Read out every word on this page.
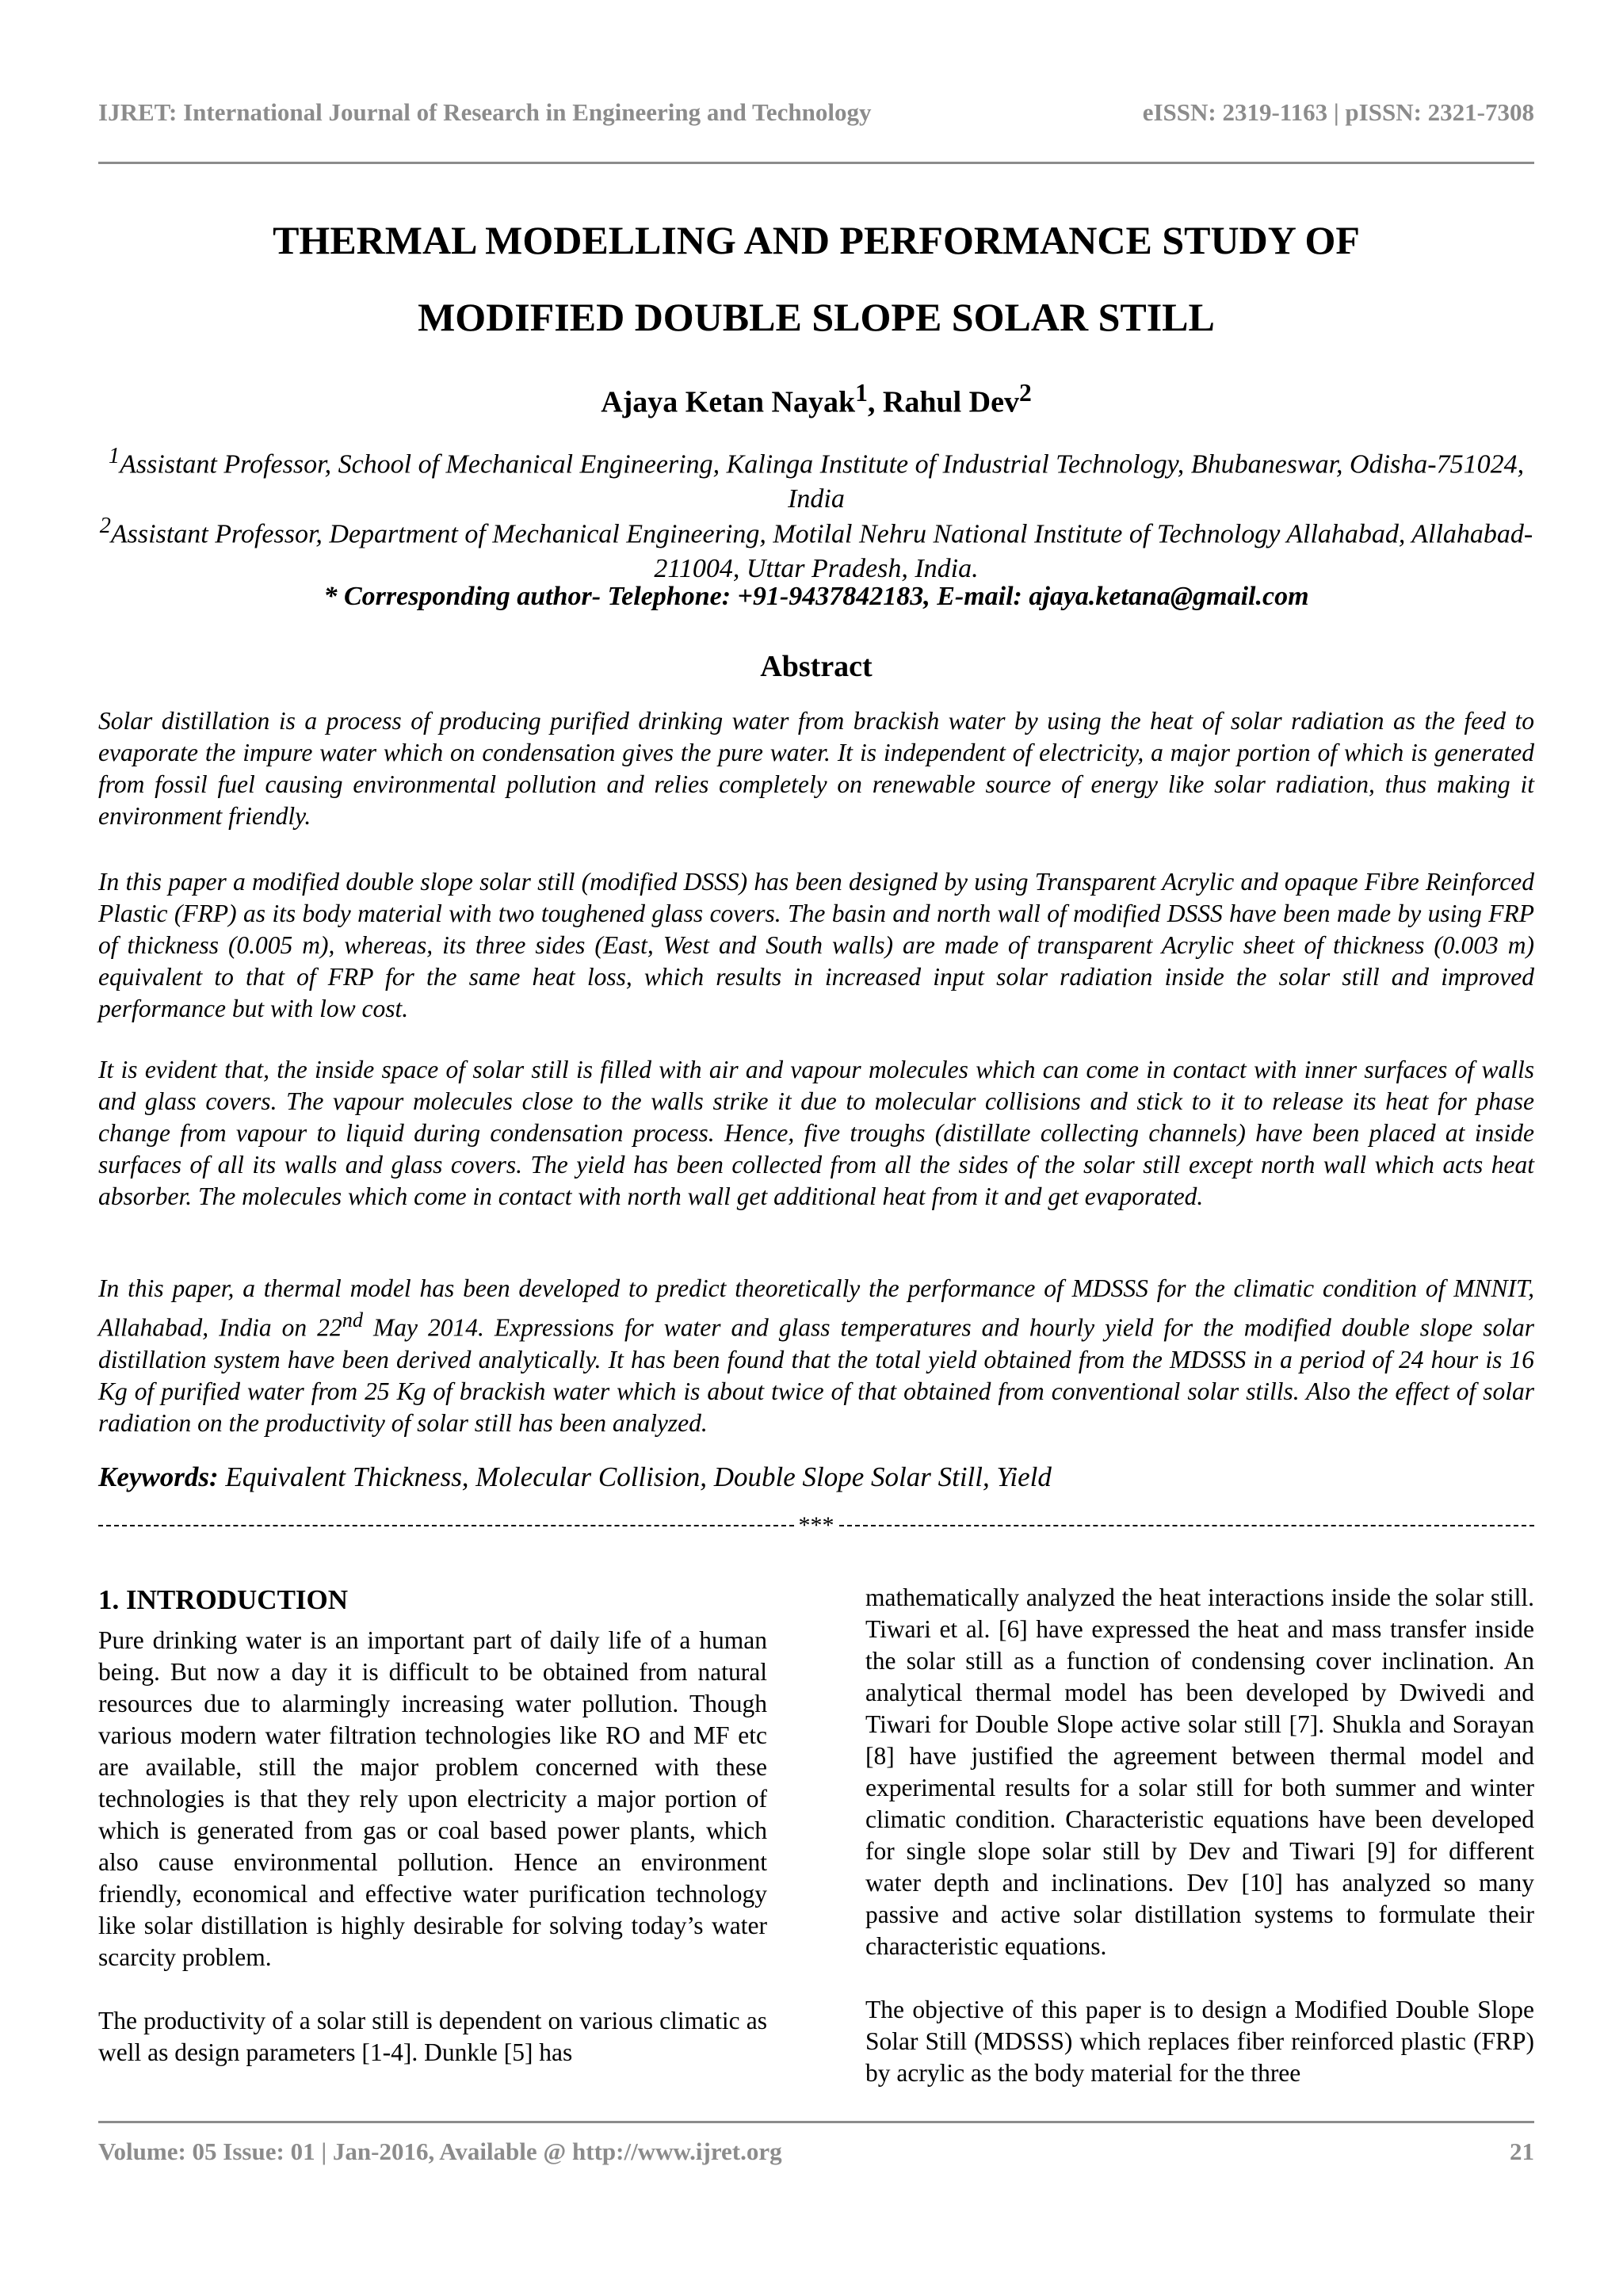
IJRET: International Journal of Research in Engineering and Technology	eISSN: 2319-1163 | pISSN: 2321-7308
THERMAL MODELLING AND PERFORMANCE STUDY OF
MODIFIED DOUBLE SLOPE SOLAR STILL
Ajaya Ketan Nayak$^1$, Rahul Dev$^2$
$^1$Assistant Professor, School of Mechanical Engineering, Kalinga Institute of Industrial Technology, Bhubaneswar, Odisha-751024, India
$^2$Assistant Professor, Department of Mechanical Engineering, Motilal Nehru National Institute of Technology Allahabad, Allahabad-211004, Uttar Pradesh, India.
* Corresponding author- Telephone: +91-9437842183, E-mail: ajaya.ketana@gmail.com
Abstract

Solar distillation is a process of producing purified drinking water from brackish water by using the heat of solar radiation as the feed to evaporate the impure water which on condensation gives the pure water. It is independent of electricity, a major portion of which is generated from fossil fuel causing environmental pollution and relies completely on renewable source of energy like solar radiation, thus making it environment friendly.

In this paper a modified double slope solar still (modified DSSS) has been designed by using Transparent Acrylic and opaque Fibre Reinforced Plastic (FRP) as its body material with two toughened glass covers. The basin and north wall of modified DSSS have been made by using FRP of thickness (0.005 m), whereas, its three sides (East, West and South walls) are made of transparent Acrylic sheet of thickness (0.003 m) equivalent to that of FRP for the same heat loss, which results in increased input solar radiation inside the solar still and improved performance but with low cost.

It is evident that, the inside space of solar still is filled with air and vapour molecules which can come in contact with inner surfaces of walls and glass covers. The vapour molecules close to the walls strike it due to molecular collisions and stick to it to release its heat for phase change from vapour to liquid during condensation process. Hence, five troughs (distillate collecting channels) have been placed at inside surfaces of all its walls and glass covers. The yield has been collected from all the sides of the solar still except north wall which acts heat absorber. The molecules which come in contact with north wall get additional heat from it and get evaporated.

In this paper, a thermal model has been developed to predict theoretically the performance of MDSSS for the climatic condition of MNNIT, Allahabad, India on 22nd May 2014. Expressions for water and glass temperatures and hourly yield for the modified double slope solar distillation system have been derived analytically. It has been found that the total yield obtained from the MDSSS in a period of 24 hour is 16 Kg of purified water from 25 Kg of brackish water which is about twice of that obtained from conventional solar stills. Also the effect of solar radiation on the productivity of solar still has been analyzed.

Keywords: Equivalent Thickness, Molecular Collision, Double Slope Solar Still, Yield
***
1. INTRODUCTION

Pure drinking water is an important part of daily life of a human being. But now a day it is difficult to be obtained from natural resources due to alarmingly increasing water pollution. Though various modern water filtration technologies like RO and MF etc are available, still the major problem concerned with these technologies is that they rely upon electricity a major portion of which is generated from gas or coal based power plants, which also cause environmental pollution. Hence an environment friendly, economical and effective water purification technology like solar distillation is highly desirable for solving today’s water scarcity problem.

The productivity of a solar still is dependent on various climatic as well as design parameters [1-4]. Dunkle [5] has

mathematically analyzed the heat interactions inside the solar still. Tiwari et al. [6] have expressed the heat and mass transfer inside the solar still as a function of condensing cover inclination. An analytical thermal model has been developed by Dwivedi and Tiwari for Double Slope active solar still [7]. Shukla and Sorayan [8] have justified the agreement between thermal model and experimental results for a solar still for both summer and winter climatic condition. Characteristic equations have been developed for single slope solar still by Dev and Tiwari [9] for different water depth and inclinations. Dev [10] has analyzed so many passive and active solar distillation systems to formulate their characteristic equations.

The objective of this paper is to design a Modified Double Slope Solar Still (MDSSS) which replaces fiber reinforced plastic (FRP) by acrylic as the body material for the three

Volume: 05 Issue: 01 | Jan-2016, Available @ http://www.ijret.org	21
